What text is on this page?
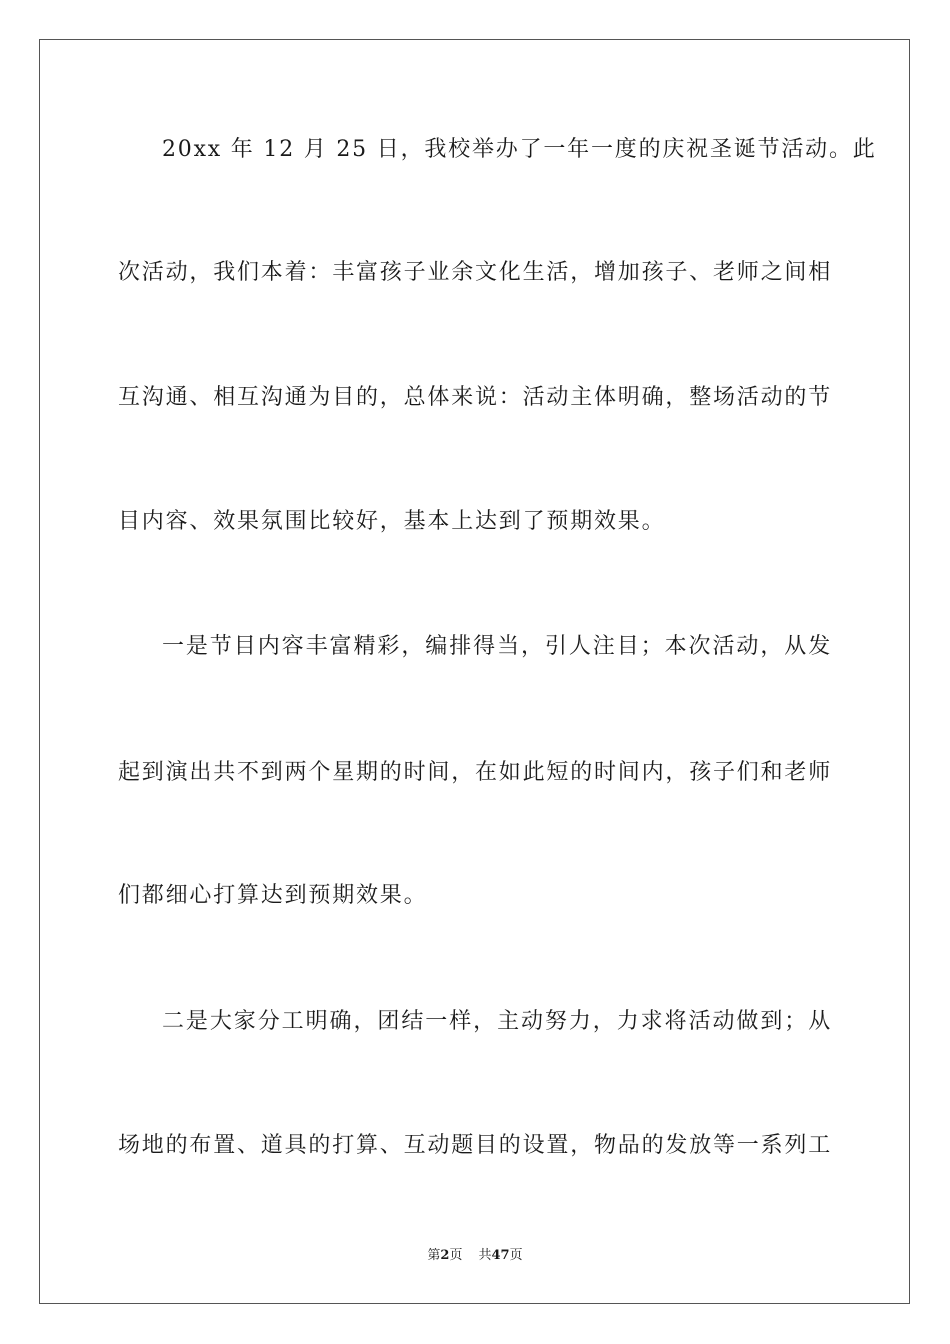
20xx 年 12 月 25 日，我校举办了一年一度的庆祝圣诞节活动。此
次活动，我们本着：丰富孩子业余文化生活，增加孩子、老师之间相
互沟通、相互沟通为目的，总体来说：活动主体明确，整场活动的节
目内容、效果氛围比较好，基本上达到了预期效果。
一是节目内容丰富精彩，编排得当，引人注目；本次活动，从发
起到演出共不到两个星期的时间，在如此短的时间内，孩子们和老师
们都细心打算达到预期效果。
二是大家分工明确，团结一样，主动努力，力求将活动做到；从
场地的布置、道具的打算、互动题目的设置，物品的发放等一系列工
第2页 共47页
